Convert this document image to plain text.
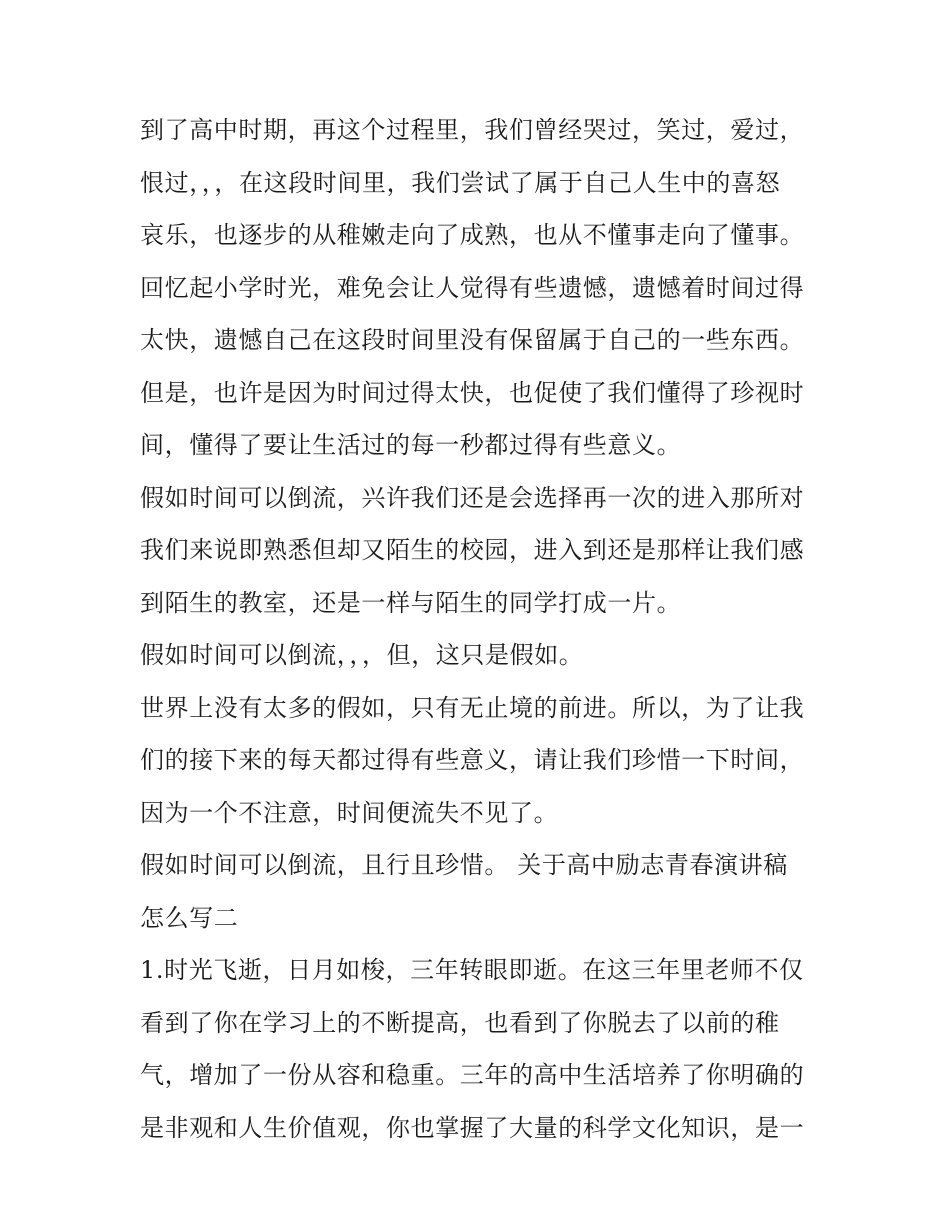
到了高中时期，再这个过程里，我们曾经哭过，笑过，爱过，
恨过，，，在这段时间里，我们尝试了属于自己人生中的喜怒
哀乐，也逐步的从稚嫩走向了成熟，也从不懂事走向了懂事。
回忆起小学时光，难免会让人觉得有些遗憾，遗憾着时间过得
太快，遗憾自己在这段时间里没有保留属于自己的一些东西。
但是，也许是因为时间过得太快，也促使了我们懂得了珍视时
间，懂得了要让生活过的每一秒都过得有些意义。
假如时间可以倒流，兴许我们还是会选择再一次的进入那所对
我们来说即熟悉但却又陌生的校园，进入到还是那样让我们感
到陌生的教室，还是一样与陌生的同学打成一片。
假如时间可以倒流，，，但，这只是假如。
世界上没有太多的假如，只有无止境的前进。所以，为了让我
们的接下来的每天都过得有些意义，请让我们珍惜一下时间，
因为一个不注意，时间便流失不见了。
假如时间可以倒流，且行且珍惜。 关于高中励志青春演讲稿
怎么写二
1.时光飞逝，日月如梭，三年转眼即逝。在这三年里老师不仅
看到了你在学习上的不断提高，也看到了你脱去了以前的稚
气，增加了一份从容和稳重。三年的高中生活培养了你明确的
是非观和人生价值观，你也掌握了大量的科学文化知识，是一
